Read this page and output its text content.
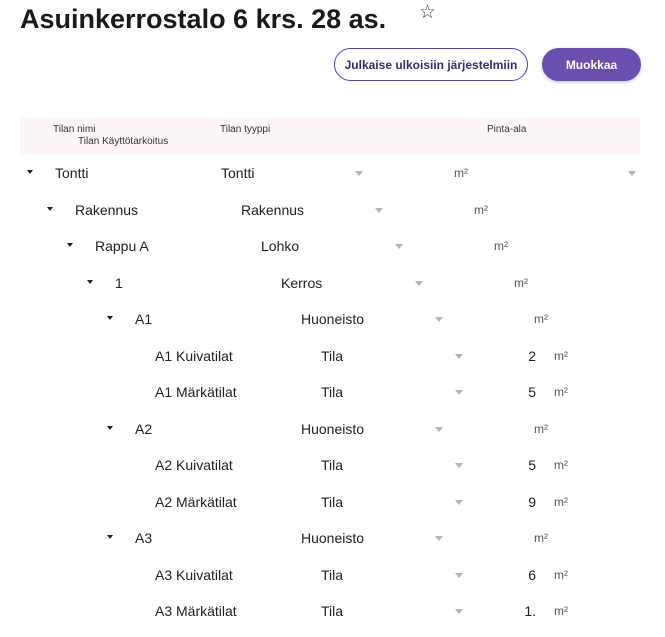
Asuinkerrostalo 6 krs. 28 as. ☆
Julkaise ulkoisiin järjestelmiin	Muokkaa
Tilan nimi
Tilan Käyttötarkoitus
Tilan tyyppi	Pinta-ala
Tontti	Tontti	m²
Rakennus	Rakennus	m²
Rappu A	Lohko	m²
1	Kerros	m²
A1	Huoneisto	m²
A1 Kuivatilat	Tila	2 m²
A1 Märkätilat	Tila	5 m²
A2	Huoneisto	m²
A2 Kuivatilat	Tila	5 m²
A2 Märkätilat	Tila	9 m²
A3	Huoneisto	m²
A3 Kuivatilat	Tila	6 m²
A3 Märkätilat	Tila	1. m²
